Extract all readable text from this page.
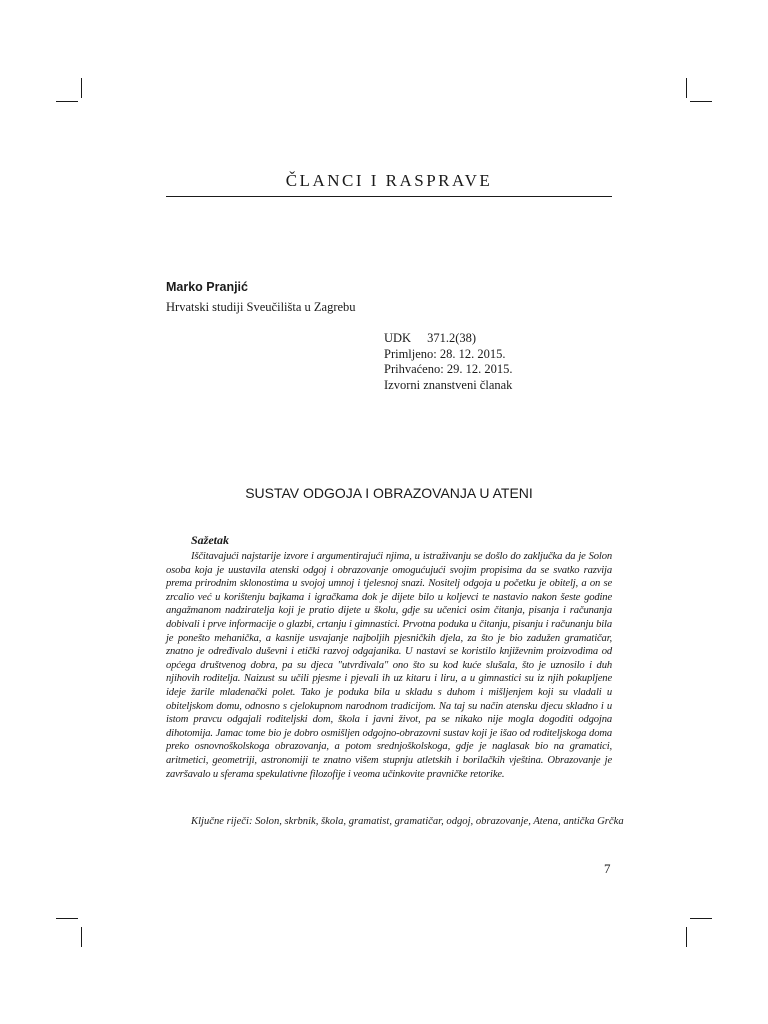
ČLANCI I RASPRAVE
Marko Pranjić
Hrvatski studiji Sveučilišta u Zagrebu
UDK 371.2(38)
Primljeno: 28. 12. 2015.
Prihvaćeno: 29. 12. 2015.
Izvorni znanstveni članak
SUSTAV ODGOJA I OBRAZOVANJA U ATENI
Sažetak

Iščitavajući najstarije izvore i argumentirajući njima, u istraživanju se došlo do zaključka da je Solon osoba koja je uustavila atenski odgoj i obrazovanje omogućujući svojim propisima da se svatko razvija prema prirodnim sklonostima u svojoj umnoj i tjelesnoj snazi. Nositelj odgoja u početku je obitelj, a on se zrcalio već u korištenju bajkama i igračkama dok je dijete bilo u koljevci te nastavio nakon šeste godine angažmanom nadziratelja koji je pratio dijete u školu, gdje su učenici osim čitanja, pisanja i računanja dobivali i prve informacije o glazbi, crtanju i gimnastici. Prvotna poduka u čitanju, pisanju i računanju bila je ponešto mehanička, a kasnije usvajanje najboljih pjesničkih djela, za što je bio zadužen gramatičar, znatno je određivalo duševni i etički razvoj odgajanika. U nastavi se koristilo književnim proizvodima od općega društvenog dobra, pa su djeca "utvrđivala" ono što su kod kuće slušala, što je uznosilo i duh njihovih roditelja. Naizust su učili pjesme i pjevali ih uz kitaru i liru, a u gimnastici su iz njih pokupljene ideje žarile mladenački polet. Tako je poduka bila u skladu s duhom i mišljenjem koji su vladali u obiteljskom domu, odnosno s cjelokupnom narodnom tradicijom. Na taj su način atensku djecu skladno i u istom pravcu odgajali roditeljski dom, škola i javni život, pa se nikako nije mogla dogoditi odgojna dihotomija. Jamac tome bio je dobro osmišljen odgojno-obrazovni sustav koji je išao od roditeljskoga doma preko osnovnoškolskoga obrazovanja, a potom srednjoškolskoga, gdje je naglasak bio na gramatici, aritmetici, geometriji, astronomiji te znatno višem stupnju atletskih i borilačkih vještina. Obrazovanje je završavalo u sferama spekulativne filozofije i veoma učinkovite pravničke retorike.

Ključne riječi: Solon, skrbnik, škola, gramatist, gramatičar, odgoj, obrazovanje, Atena, antička Grčka
7
